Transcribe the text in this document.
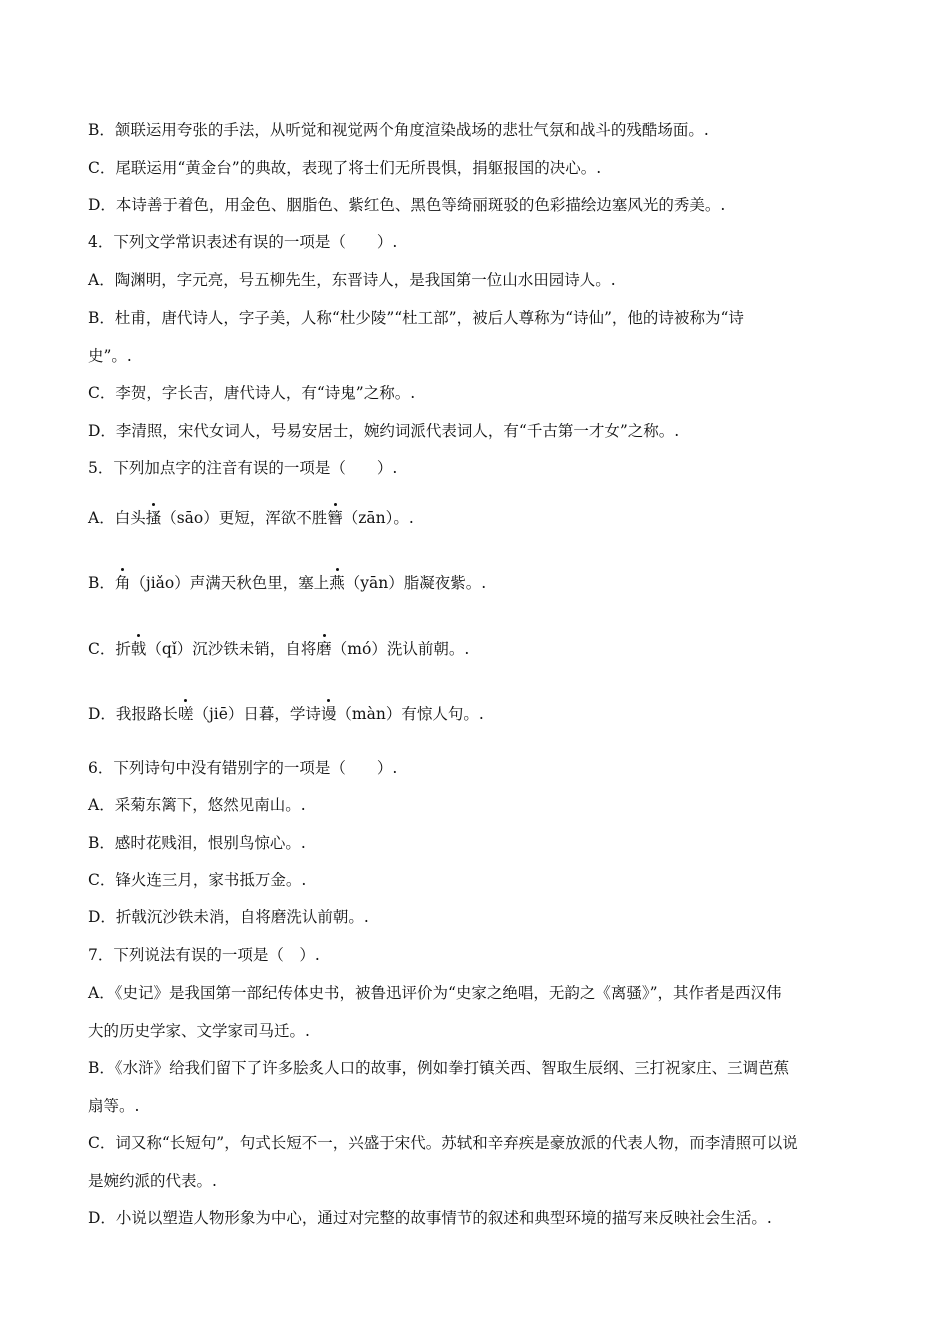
B．颔联运用夸张的手法，从听觉和视觉两个角度渲染战场的悲壮气氛和战斗的残酷场面。.
C．尾联运用“黄金台”的典故，表现了将士们无所畏惧，捐躯报国的决心。.
D．本诗善于着色，用金色、胭脂色、紫红色、黑色等绮丽斑驳的色彩描绘边塞风光的秀美。.
4．下列文学常识表述有误的一项是（　　）.
A．陶渊明，字元亮，号五柳先生，东晋诗人，是我国第一位山水田园诗人。.
B．杜甫，唐代诗人，字子美，人称“杜少陵”“杜工部”，被后人尊称为“诗仙”，他的诗被称为“诗
史”。.
C．李贺，字长吉，唐代诗人，有“诗鬼”之称。.
D．李清照，宋代女词人，号易安居士，婉约词派代表词人，有“千古第一才女”之称。.
5．下列加点字的注音有误的一项是（　　）.
A．白头搔（sāo）更短，浑欲不胜簪（zān）。.
B．角（jiǎo）声满天秋色里，塞上燕（yān）脂凝夜紫。.
C．折戟（qǐ）沉沙铁未销，自将磨（mó）洗认前朝。.
D．我报路长嗟（jiē）日暮，学诗谩（màn）有惊人句。.
6．下列诗句中没有错别字的一项是（　　）.
A．采菊东篱下，悠然见南山。.
B．感时花贱泪，恨别鸟惊心。.
C．锋火连三月，家书抵万金。.
D．折戟沉沙铁未消，自将磨洗认前朝。.
7．下列说法有误的一项是（　）.
A．《史记》是我国第一部纪传体史书，被鲁迅评价为“史家之绝唱，无韵之《离骚》”，其作者是西汉伟
大的历史学家、文学家司马迁。.
B．《水浒》给我们留下了许多脍炙人口的故事，例如拳打镇关西、智取生辰纲、三打祝家庄、三调芭蕉
扇等。.
C．词又称“长短句”，句式长短不一，兴盛于宋代。苏轼和辛弃疾是豪放派的代表人物，而李清照可以说
是婉约派的代表。.
D．小说以塑造人物形象为中心，通过对完整的故事情节的叙述和典型环境的描写来反映社会生活。.
